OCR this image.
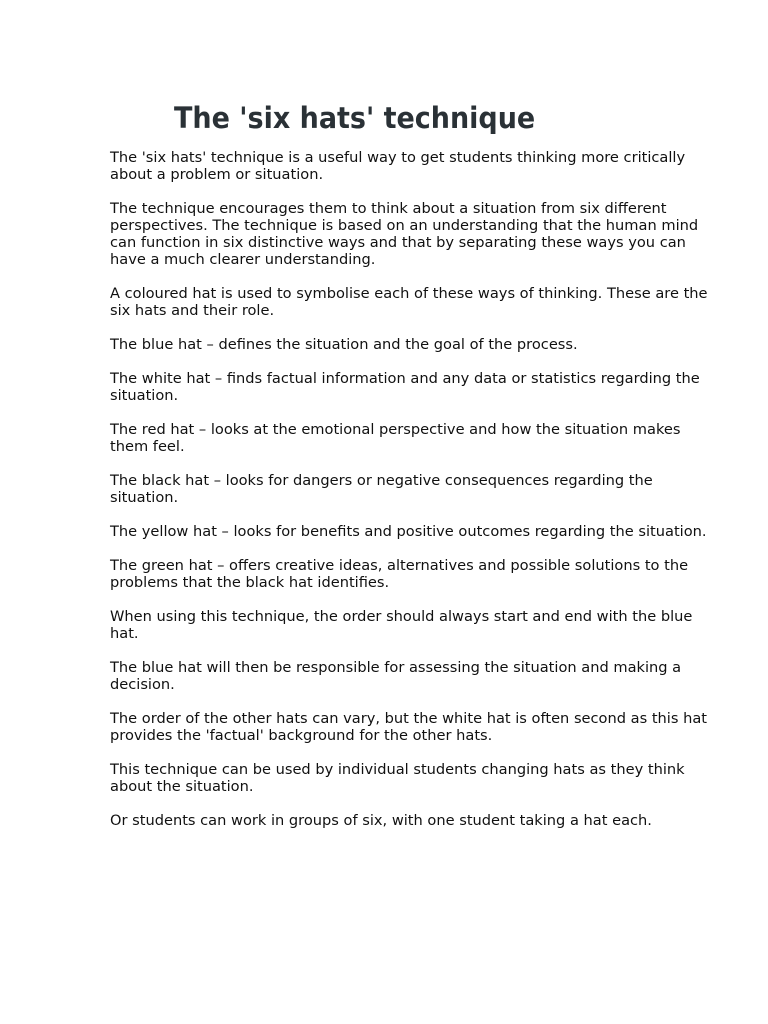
The 'six hats' technique

The 'six hats' technique is a useful way to get students thinking more critically about a problem or situation.

The technique encourages them to think about a situation from six different perspectives. The technique is based on an understanding that the human mind can function in six distinctive ways and that by separating these ways you can have a much clearer understanding.

A coloured hat is used to symbolise each of these ways of thinking. These are the six hats and their role.

The blue hat – defines the situation and the goal of the process.

The white hat – finds factual information and any data or statistics regarding the situation.

The red hat – looks at the emotional perspective and how the situation makes them feel.

The black hat – looks for dangers or negative consequences regarding the situation.

The yellow hat – looks for benefits and positive outcomes regarding the situation.

The green hat – offers creative ideas, alternatives and possible solutions to the problems that the black hat identifies.

When using this technique, the order should always start and end with the blue hat.

The blue hat will then be responsible for assessing the situation and making a decision.

The order of the other hats can vary, but the white hat is often second as this hat provides the 'factual' background for the other hats.

This technique can be used by individual students changing hats as they think about the situation.

Or students can work in groups of six, with one student taking a hat each.
